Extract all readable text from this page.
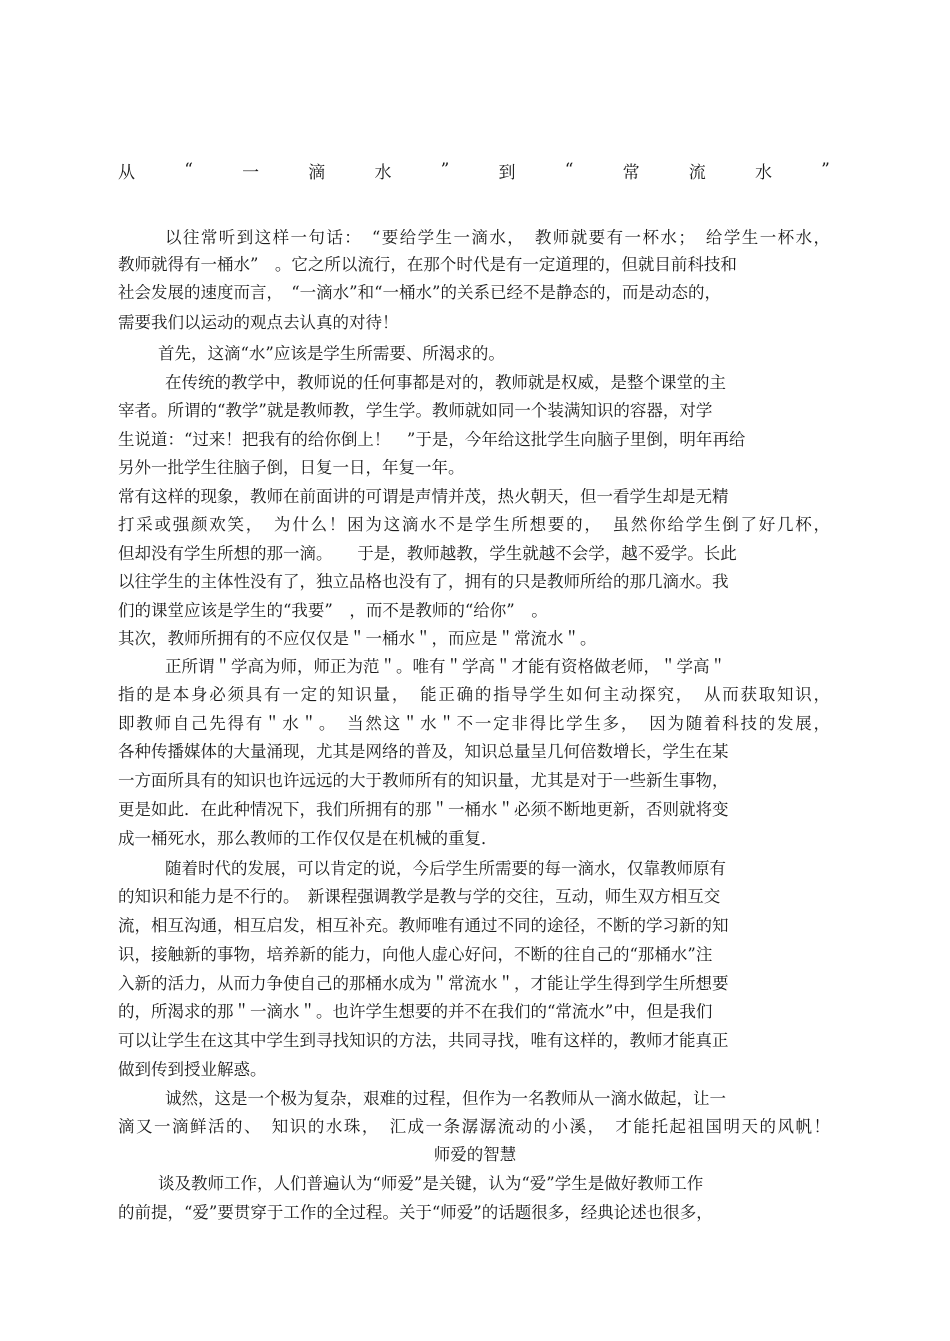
从	“	一	滴	水	”	到	“	常	流	水	”
以往常听到这样一句话：　“要给学生一滴水，　教师就要有一杯水；　给学生一杯水，
教师就得有一桶水”　。它之所以流行，在那个时代是有一定道理的，但就目前科技和
社会发展的速度而言，　“一滴水”和“一桶水”的关系已经不是静态的，而是动态的，
需要我们以运动的观点去认真的对待！
首先，这滴“水”应该是学生所需要、所渴求的。
在传统的教学中，教师说的任何事都是对的，教师就是权威，是整个课堂的主
宰者。所谓的“教学”就是教师教，学生学。教师就如同一个装满知识的容器，对学
生说道：“过来！把我有的给你倒上！　”于是，今年给这批学生向脑子里倒，明年再给
另外一批学生往脑子倒，日复一日，年复一年。
常有这样的现象，教师在前面讲的可谓是声情并茂，热火朝天，但一看学生却是无精
打采或强颜欢笑，　为什么！困为这滴水不是学生所想要的，　虽然你给学生倒了好几杯，
但却没有学生所想的那一滴。　　于是，教师越教，学生就越不会学，越不爱学。长此
以往学生的主体性没有了，独立品格也没有了，拥有的只是教师所给的那几滴水。我
们的课堂应该是学生的“我要”　，而不是教师的“给你”　。
其次，教师所拥有的不应仅仅是＂一桶水＂，而应是＂常流水＂。
正所谓＂学高为师，师正为范＂。唯有＂学高＂才能有资格做老师，＂学高＂
指的是本身必须具有一定的知识量，　能正确的指导学生如何主动探究，　从而获取知识，
即教师自己先得有＂水＂。　当然这＂水＂不一定非得比学生多，　因为随着科技的发展，
各种传播媒体的大量涌现，尤其是网络的普及，知识总量呈几何倍数增长，学生在某
一方面所具有的知识也许远远的大于教师所有的知识量，尤其是对于一些新生事物，
更是如此．在此种情况下，我们所拥有的那＂一桶水＂必须不断地更新，否则就将变
成一桶死水，那么教师的工作仅仅是在机械的重复．
随着时代的发展，可以肯定的说，今后学生所需要的每一滴水，仅靠教师原有
的知识和能力是不行的。　新课程强调教学是教与学的交往，互动，师生双方相互交
流，相互沟通，相互启发，相互补充。教师唯有通过不同的途径，不断的学习新的知
识，接触新的事物，培养新的能力，向他人虚心好问，不断的往自己的“那桶水”注
入新的活力，从而力争使自己的那桶水成为＂常流水＂，才能让学生得到学生所想要
的，所渴求的那＂一滴水＂。也许学生想要的并不在我们的“常流水”中，但是我们
可以让学生在这其中学生到寻找知识的方法，共同寻找，唯有这样的，教师才能真正
做到传到授业解惑。
诚然，这是一个极为复杂，艰难的过程，但作为一名教师从一滴水做起，让一
滴又一滴鲜活的、　知识的水珠，　汇成一条潺潺流动的小溪，　才能托起祖国明天的风帆！
师爱的智慧
谈及教师工作，人们普遍认为“师爱”是关键，认为“爱”学生是做好教师工作
的前提，“爱”要贯穿于工作的全过程。关于“师爱”的话题很多，经典论述也很多，
